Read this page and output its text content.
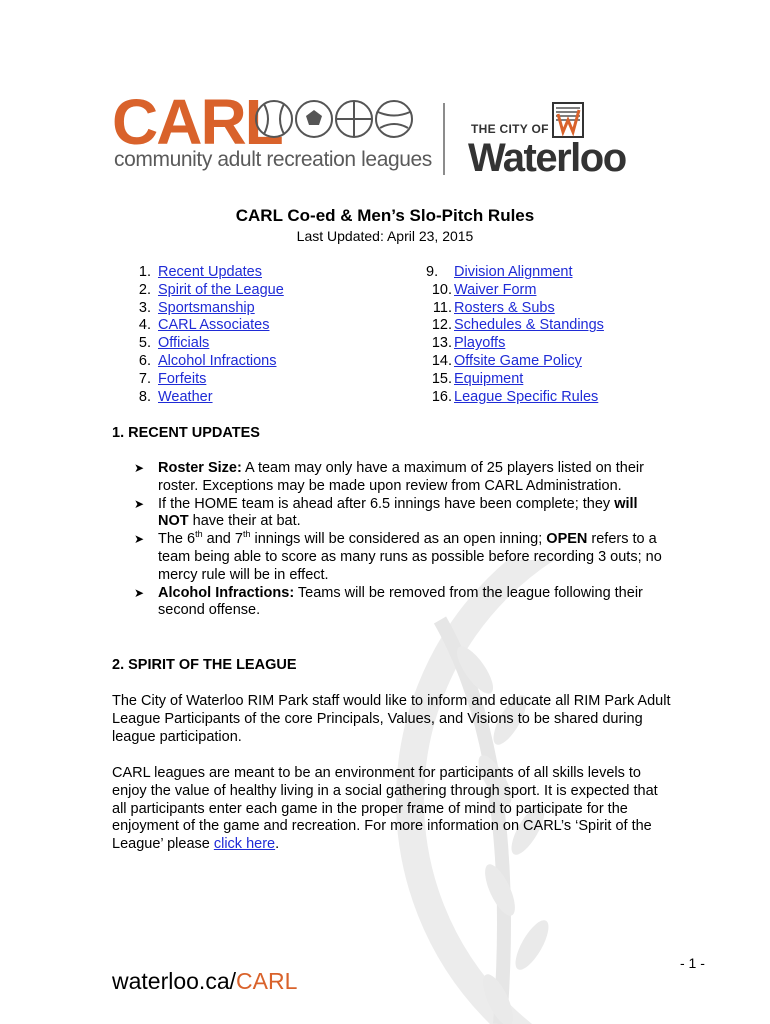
CARL
community adult recreation leagues
THE CITY OF
Waterloo
CARL Co-ed & Men’s Slo-Pitch Rules
Last Updated: April 23, 2015
1. Recent Updates
2. Spirit of the League
3. Sportsmanship
4. CARL Associates
5. Officials
6. Alcohol Infractions
7. Forfeits
8. Weather
9.	Division Alignment
10. Waiver Form
11. Rosters & Subs
12. Schedules & Standings
13. Playoffs
14. Offsite Game Policy
15. Equipment
16. League Specific Rules
1. RECENT UPDATES
➤ Roster Size: A team may only have a maximum of 25 players listed on their roster. Exceptions may be made upon review from CARL Administration.
➤ If the HOME team is ahead after 6.5 innings have been complete; they will NOT have their at bat.
➤ The 6th and 7th innings will be considered as an open inning; OPEN refers to a team being able to score as many runs as possible before recording 3 outs; no mercy rule will be in effect.
➤ Alcohol Infractions: Teams will be removed from the league following their second offense.
2. SPIRIT OF THE LEAGUE
The City of Waterloo RIM Park staff would like to inform and educate all RIM Park Adult League Participants of the core Principals, Values, and Visions to be shared during league participation.
CARL leagues are meant to be an environment for participants of all skills levels to enjoy the value of healthy living in a social gathering through sport. It is expected that all participants enter each game in the proper frame of mind to participate for the enjoyment of the game and recreation. For more information on CARL’s ‘Spirit of the League’ please click here.
- 1 -
waterloo.ca/CARL
